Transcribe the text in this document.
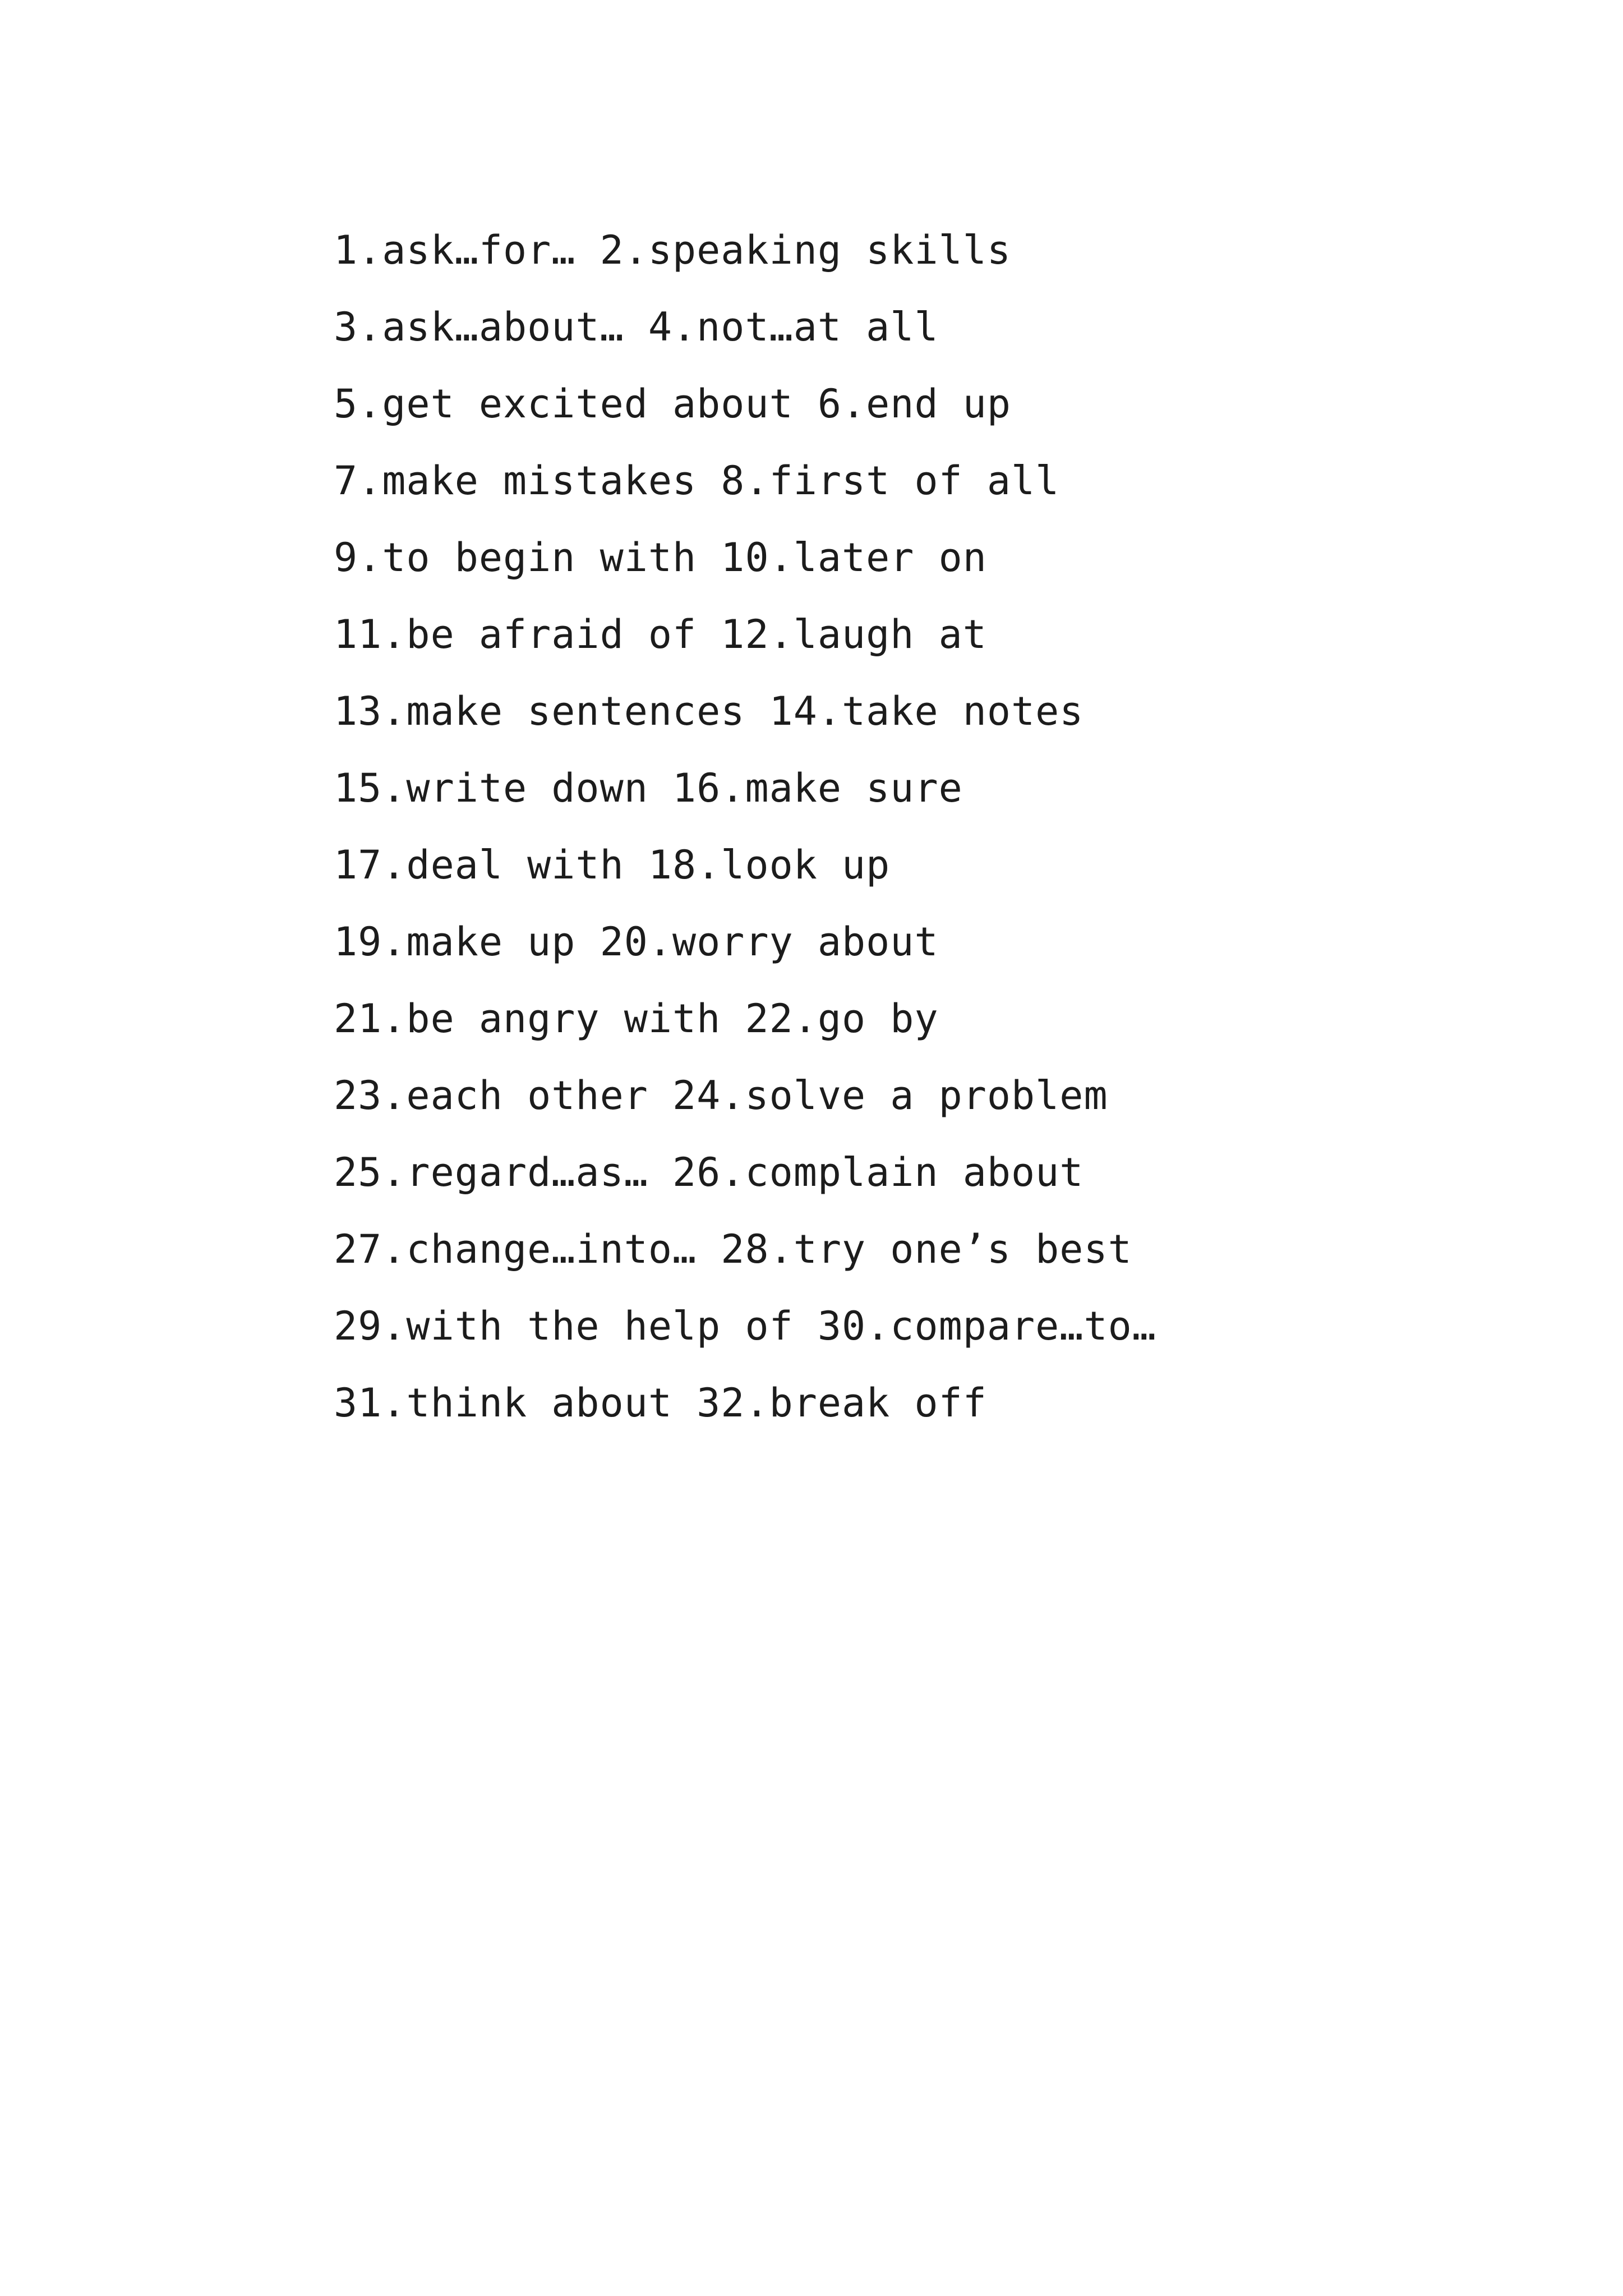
1.ask…for… 2.speaking skills
3.ask…about… 4.not…at all
5.get excited about 6.end up
7.make mistakes 8.first of all
9.to begin with 10.later on
11.be afraid of 12.laugh at
13.make sentences 14.take notes
15.write down 16.make sure
17.deal with 18.look up
19.make up 20.worry about
21.be angry with 22.go by
23.each other 24.solve a problem
25.regard…as… 26.complain about
27.change…into… 28.try one’s best
29.with the help of 30.compare…to…
31.think about 32.break off
